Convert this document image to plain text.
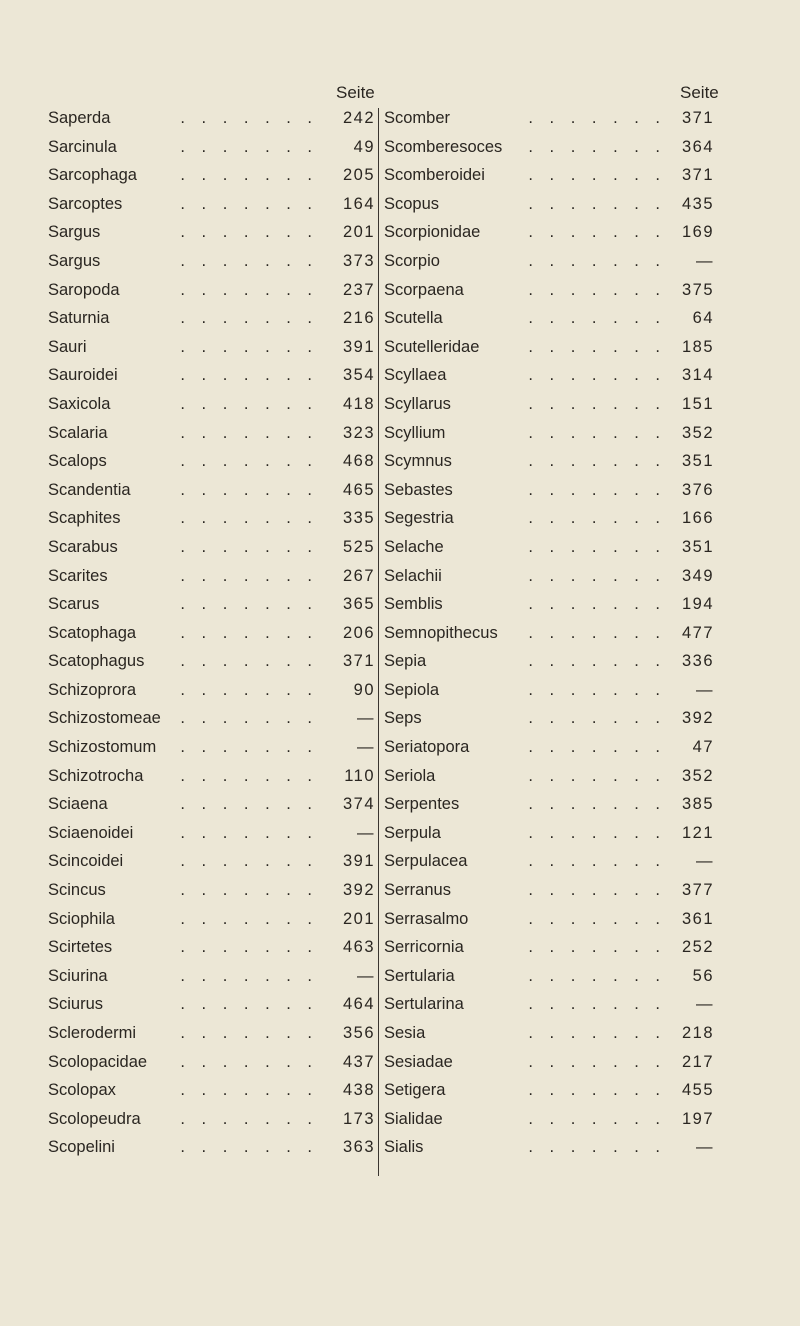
Seite	Seite
Saperda	. . . . . . . 242
Sarcinula	. . . . . . . 49
Sarcophaga	. . . . . . . 205
Sarcoptes	. . . . . . . 164
Sargus	. . . . . . . 201
Sargus	. . . . . . . 373
Saropoda	. . . . . . . 237
Saturnia	. . . . . . . 216
Sauri	. . . . . . . 391
Sauroidei	. . . . . . . 354
Saxicola	. . . . . . . 418
Scalaria	. . . . . . . 323
Scalops	. . . . . . . 468
Scandentia	. . . . . . . 465
Scaphites	. . . . . . . 335
Scarabus	. . . . . . . 525
Scarites	. . . . . . . 267
Scarus	. . . . . . . 365
Scatophaga	. . . . . . . 206
Scatophagus . . . . . . . 371
Schizoprora	. . . . . . . 90
Schizostomeae . . . . . . . —
Schizostomum . . . . . . . —
Schizotrocha . . . . . . . 110
Sciaena	. . . . . . . 374
Sciaenoidei	. . . . . . . —
Scincoidei	. . . . . . . 391
Scincus	. . . . . . . 392
Sciophila	. . . . . . . 201
Scirtetes	. . . . . . . 463
Sciurina	. . . . . . . —
Sciurus	. . . . . . . 464
Sclerodermi	. . . . . . . 356
Scolopacidae . . . . . . . 437
Scolopax	. . . . . . . 438
Scolopeudra . . . . . . . 173
Scopelini	. . . . . . . 363
Scomber	. . . . . . . 371
Scomberesoces . . . . . . . 364
Scomberoidei	. . . . . . . 371
Scopus	. . . . . . . 435
Scorpionidae	. . . . . . . 169
Scorpio	. . . . . . . —
Scorpaena	. . . . . . . 375
Scutella	. . . . . . . 64
Scutelleridae	. . . . . . . 185
Scyllaea	. . . . . . . 314
Scyllarus	. . . . . . . 151
Scyllium	. . . . . . . 352
Scymnus	. . . . . . . 351
Sebastes	. . . . . . . 376
Segestria	. . . . . . . 166
Selache	. . . . . . . 351
Selachii	. . . . . . . 349
Semblis	. . . . . . . 194
Semnopithecus . . . . . . . 477
Sepia	. . . . . . . 336
Sepiola	. . . . . . . —
Seps	. . . . . . . 392
Seriatopora	. . . . . . . 47
Seriola	. . . . . . . 352
Serpentes	. . . . . . . 385
Serpula	. . . . . . . 121
Serpulacea	. . . . . . . —
Serranus	. . . . . . . 377
Serrasalmo	. . . . . . . 361
Serricornia	. . . . . . . 252
Sertularia	. . . . . . . 56
Sertularina	. . . . . . . —
Sesia	. . . . . . . 218
Sesiadae	. . . . . . . 217
Setigera	. . . . . . . 455
Sialidae	. . . . . . . 197
Sialis	. . . . . . . —
